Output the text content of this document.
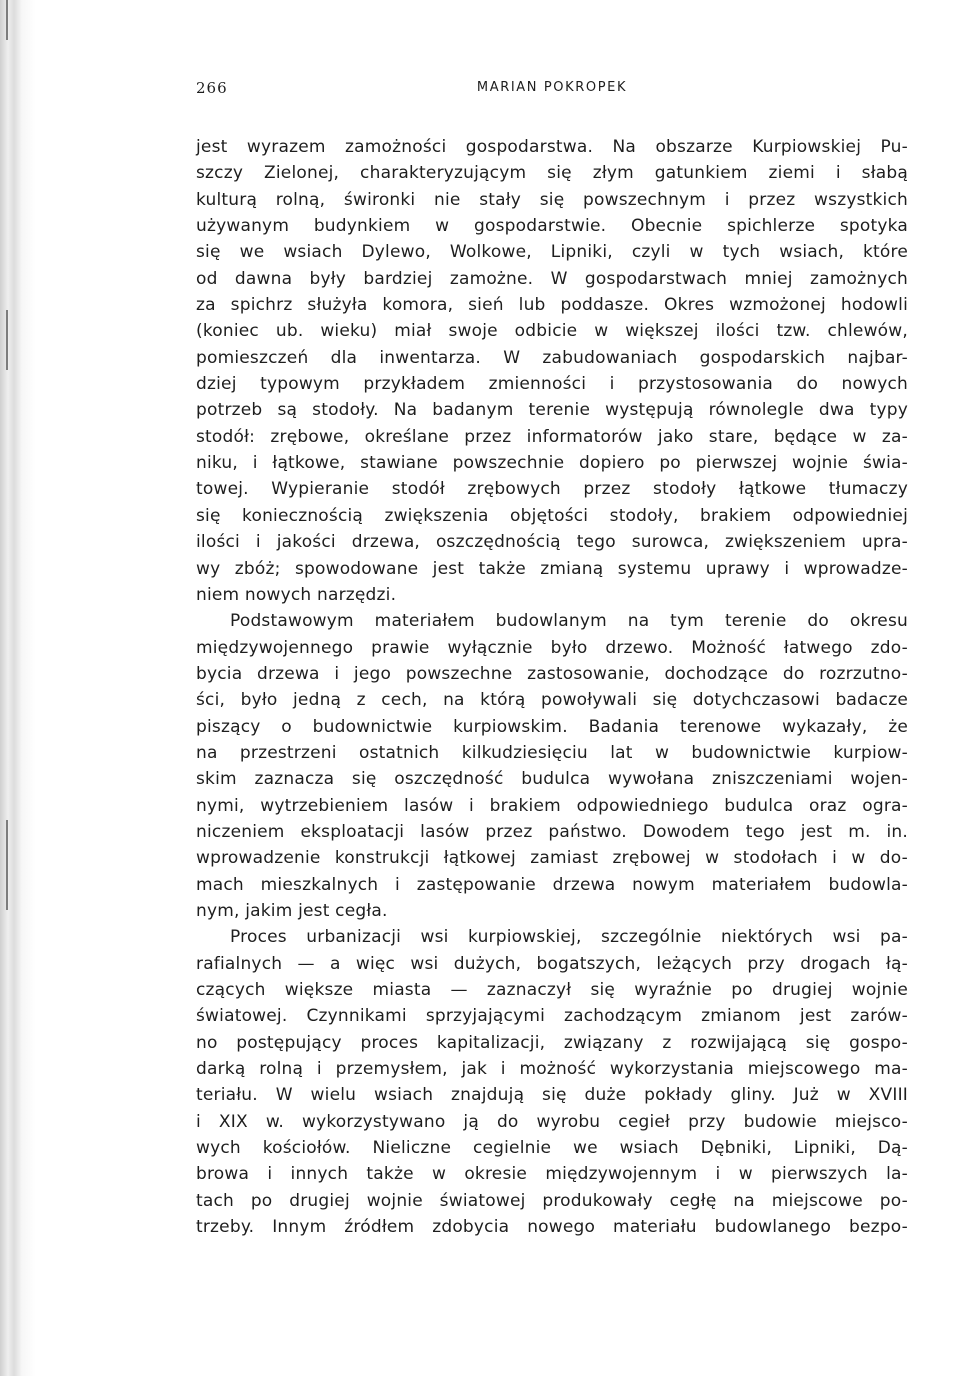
266	MARIAN POKROPEK
jest wyrazem zamożności gospodarstwa. Na obszarze Kurpiowskiej Pu-
szczy Zielonej, charakteryzującym się złym gatunkiem ziemi i słabą
kulturą rolną, świronki nie stały się powszechnym i przez wszystkich
używanym budynkiem w gospodarstwie. Obecnie spichlerze spotyka
się we wsiach Dylewo, Wolkowe, Lipniki, czyli w tych wsiach, które
od dawna były bardziej zamożne. W gospodarstwach mniej zamożnych
za spichrz służyła komora, sień lub poddasze. Okres wzmożonej hodowli
(koniec ub. wieku) miał swoje odbicie w większej ilości tzw. chlewów,
pomieszczeń dla inwentarza. W zabudowaniach gospodarskich najbar-
dziej typowym przykładem zmienności i przystosowania do nowych
potrzeb są stodoły. Na badanym terenie występują równolegle dwa typy
stodół: zrębowe, określane przez informatorów jako stare, będące w za-
niku, i łątkowe, stawiane powszechnie dopiero po pierwszej wojnie świa-
towej. Wypieranie stodół zrębowych przez stodoły łątkowe tłumaczy
się koniecznością zwiększenia objętości stodoły, brakiem odpowiedniej
ilości i jakości drzewa, oszczędnością tego surowca, zwiększeniem upra-
wy zbóż; spowodowane jest także zmianą systemu uprawy i wprowadze-
niem nowych narzędzi.
Podstawowym materiałem budowlanym na tym terenie do okresu
międzywojennego prawie wyłącznie było drzewo. Możność łatwego zdo-
bycia drzewa i jego powszechne zastosowanie, dochodzące do rozrzutno-
ści, było jedną z cech, na którą powoływali się dotychczasowi badacze
piszący o budownictwie kurpiowskim. Badania terenowe wykazały, że
na przestrzeni ostatnich kilkudziesięciu lat w budownictwie kurpiow-
skim zaznacza się oszczędność budulca wywołana zniszczeniami wojen-
nymi, wytrzebieniem lasów i brakiem odpowiedniego budulca oraz ogra-
niczeniem eksploatacji lasów przez państwo. Dowodem tego jest m. in.
wprowadzenie konstrukcji łątkowej zamiast zrębowej w stodołach i w do-
mach mieszkalnych i zastępowanie drzewa nowym materiałem budowla-
nym, jakim jest cegła.
Proces urbanizacji wsi kurpiowskiej, szczególnie niektórych wsi pa-
rafialnych — a więc wsi dużych, bogatszych, leżących przy drogach łą-
czących większe miasta — zaznaczył się wyraźnie po drugiej wojnie
światowej. Czynnikami sprzyjającymi zachodzącym zmianom jest zarów-
no postępujący proces kapitalizacji, związany z rozwijającą się gospo-
darką rolną i przemysłem, jak i możność wykorzystania miejscowego ma-
teriału. W wielu wsiach znajdują się duże pokłady gliny. Już w XVIII
i XIX w. wykorzystywano ją do wyrobu cegieł przy budowie miejsco-
wych kościołów. Nieliczne cegielnie we wsiach Dębniki, Lipniki, Dą-
browa i innych także w okresie międzywojennym i w pierwszych la-
tach po drugiej wojnie światowej produkowały cegłę na miejscowe po-
trzeby. Innym źródłem zdobycia nowego materiału budowlanego bezpo-
